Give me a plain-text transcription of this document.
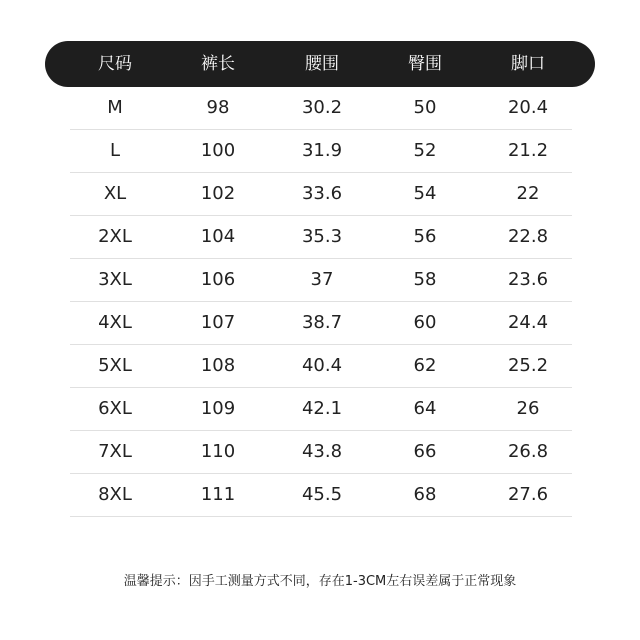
尺码	裤长	腰围	臀围	脚口
M	98	30.2	50	20.4
L	100	31.9	52	21.2
XL	102	33.6	54	22
2XL	104	35.3	56	22.8
3XL	106	37	58	23.6
4XL	107	38.7	60	24.4
5XL	108	40.4	62	25.2
6XL	109	42.1	64	26
7XL	110	43.8	66	26.8
8XL	111	45.5	68	27.6
温馨提示：因手工测量方式不同，存在1-3CM左右误差属于正常现象
